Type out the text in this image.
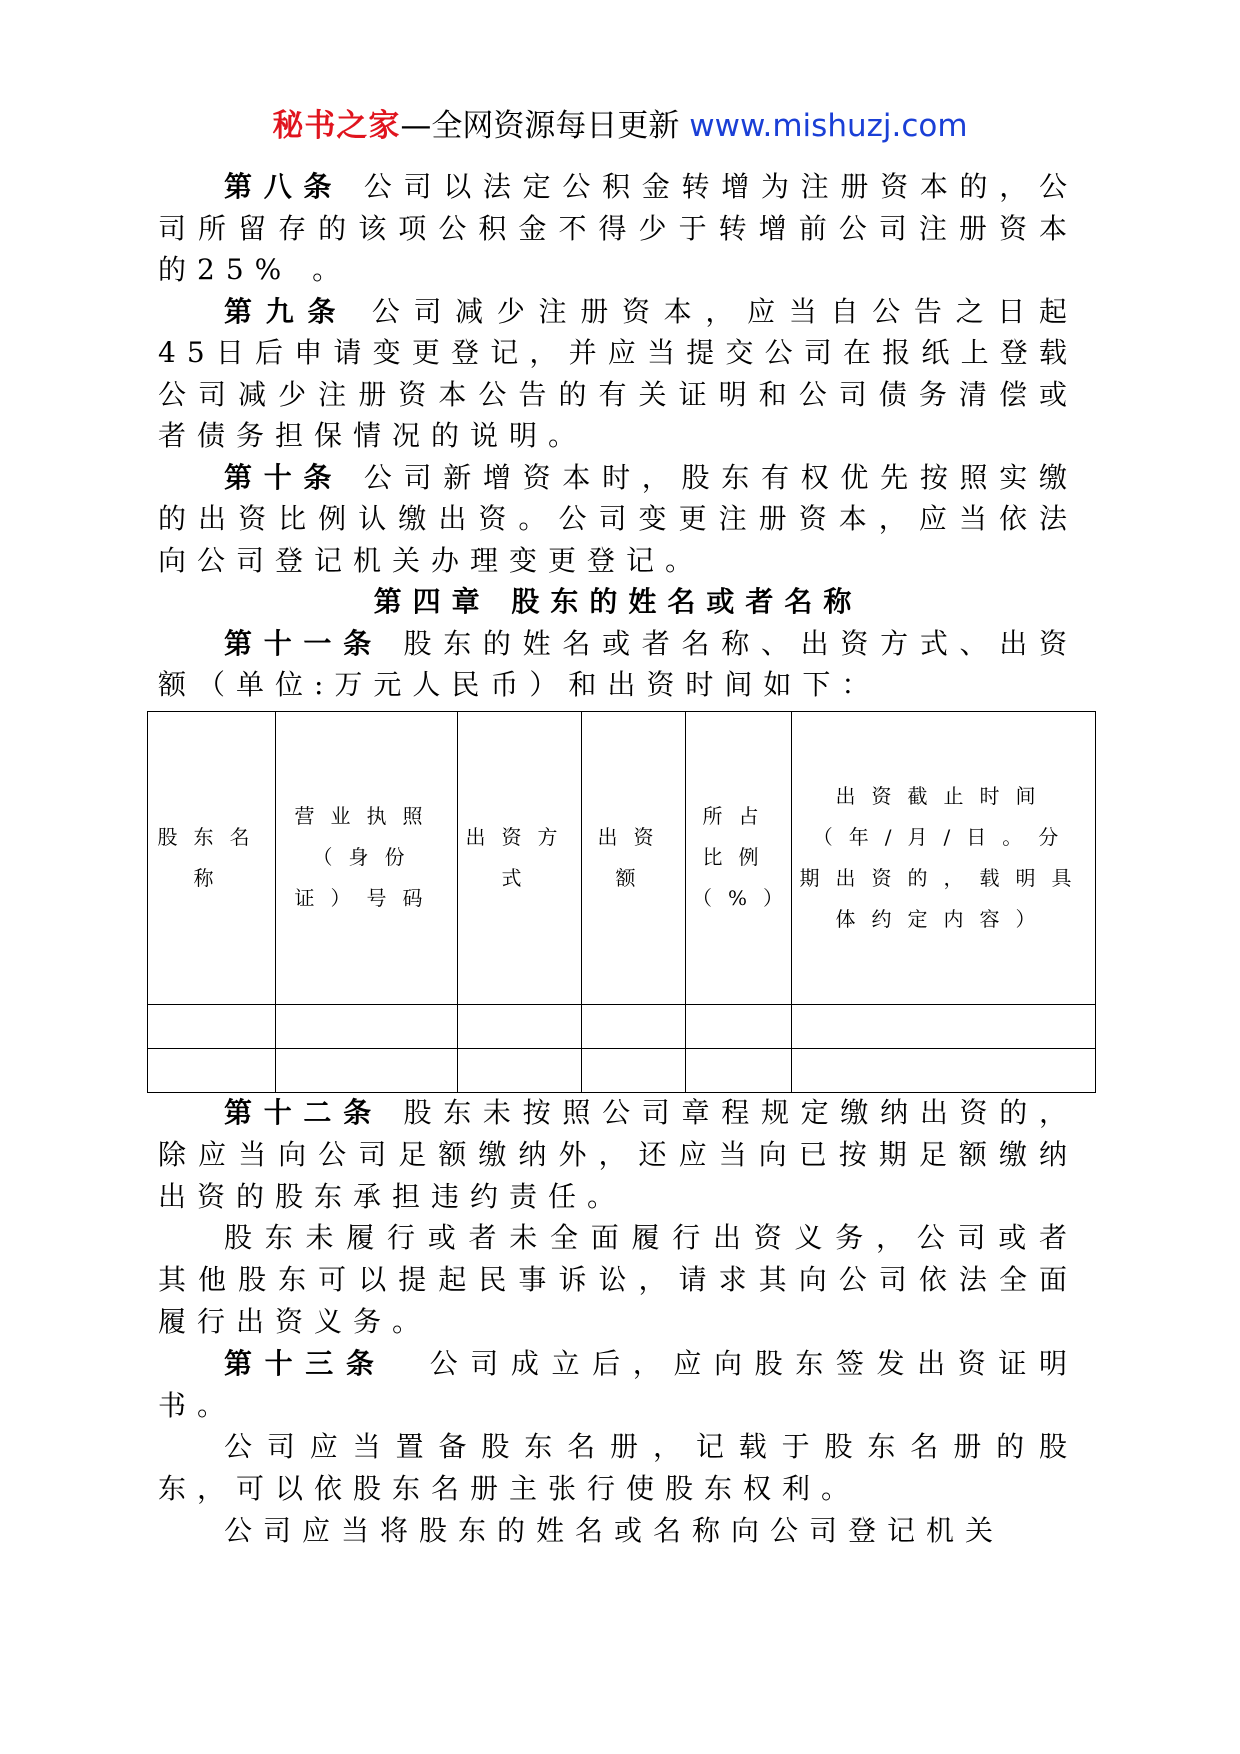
秘书之家—全网资源每日更新 www.mishuzj.com

第八条 公司以法定公积金转增为注册资本的，公司所留存的该项公积金不得少于转增前公司注册资本的25% 。

第九条 公司减少注册资本，应当自公告之日起45日后申请变更登记，并应当提交公司在报纸上登载公司减少注册资本公告的有关证明和公司债务清偿或者债务担保情况的说明。

第十条 公司新增资本时，股东有权优先按照实缴的出资比例认缴出资。公司变更注册资本，应当依法向公司登记机关办理变更登记。

第四章 股东的姓名或者名称

第十一条 股东的姓名或者名称、出资方式、出资额（单位:万元人民币）和出资时间如下：

股东名称	营业执照（身份证）号码	出资方式	出资额	所占比例（%）	出资截止时间（年/月/日。分期出资的，载明具体约定内容）

第十二条 股东未按照公司章程规定缴纳出资的，除应当向公司足额缴纳外，还应当向已按期足额缴纳出资的股东承担违约责任。

股东未履行或者未全面履行出资义务，公司或者其他股东可以提起民事诉讼，请求其向公司依法全面履行出资义务。

第十三条 公司成立后，应向股东签发出资证明书。

公司应当置备股东名册，记载于股东名册的股东，可以依股东名册主张行使股东权利。

公司应当将股东的姓名或名称向公司登记机关
